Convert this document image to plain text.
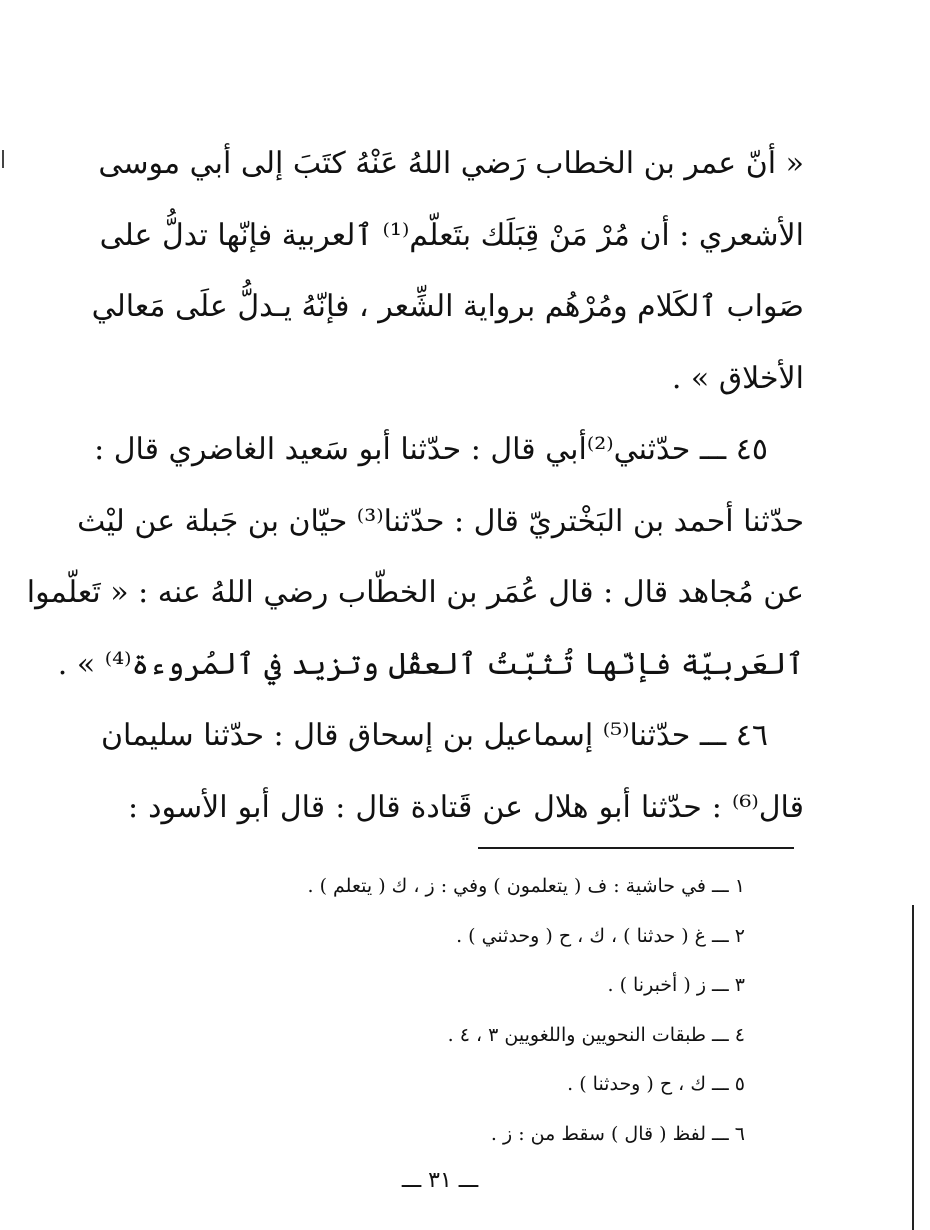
« أنّ عمر بن الخطاب رَضي اللهُ عَنْهُ كتَبَ إلى أبي موسى
الأشعري : أن مُرْ مَنْ قِبَلَك بتَعلّم⁽¹⁾ ٱلعربية فإنّها تدلُّ على
صَواب ٱلكَلام ومُرْهُم برواية الشِّعر ، فإنّهُ يـدلُّ علَى مَعالي
الأخلاق » .
٤٥ ـــ حدّثني⁽²⁾أبي قال : حدّثنا أبو سَعيد الغاضري قال :
حدّثنا أحمد بن البَخْتريّ قال : حدّثنا⁽³⁾ حيّان بن جَبلة عن ليْث
عن مُجاهد قال : قال عُمَر بن الخطّاب رضي اللهُ عنه : « تَعلّموا
ٱلعَربيّة فإنّها تُثبّتُ ٱلعقْل وتزيد في ٱلمُروءة⁽⁴⁾ » .
٤٦ ـــ حدّثنا⁽⁵⁾ إسماعيل بن إسحاق قال : حدّثنا سليمان
قال⁽⁶⁾ : حدّثنا أبو هلال عن قَتادة قال : قال أبو الأسود :
١ ـــ في حاشية : ف ( يتعلمون ) وفي : ز ، ك ( يتعلم ) .
٢ ـــ غ ( حدثنا ) ، ك ، ح ( وحدثني ) .
٣ ـــ ز ( أخبرنا ) .
٤ ـــ طبقات النحويين واللغويين ٣ ، ٤ .
٥ ـــ ك ، ح ( وحدثنا ) .
٦ ـــ لفظ ( قال ) سقط من : ز .
ـــ ٣١ ـــ
